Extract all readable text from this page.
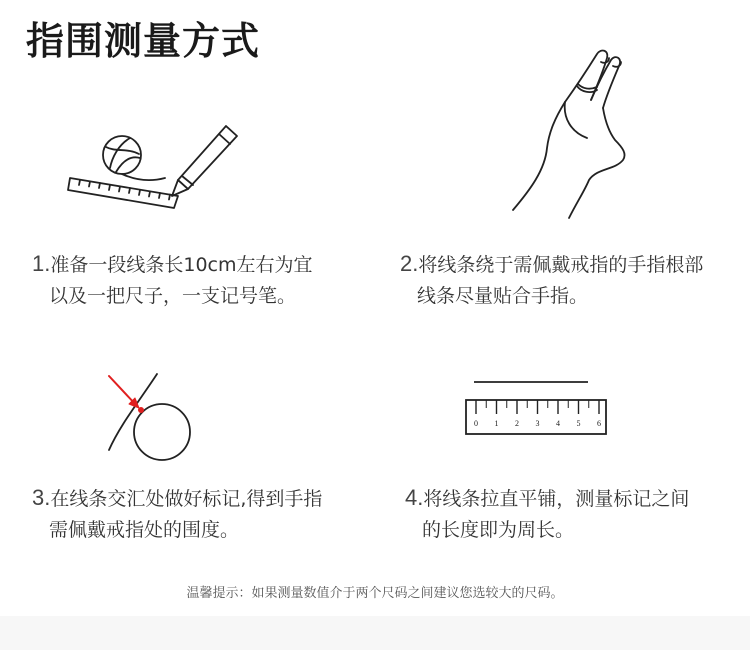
指围测量方式
0 1 2 3 4 5 6
1.准备一段线条长10cm左右为宜
以及一把尺子，一支记号笔。
2.将线条绕于需佩戴戒指的手指根部
线条尽量贴合手指。
3.在线条交汇处做好标记,得到手指
需佩戴戒指处的围度。
4.将线条拉直平铺，测量标记之间
的长度即为周长。
温馨提示：如果测量数值介于两个尺码之间建议您选较大的尺码。
